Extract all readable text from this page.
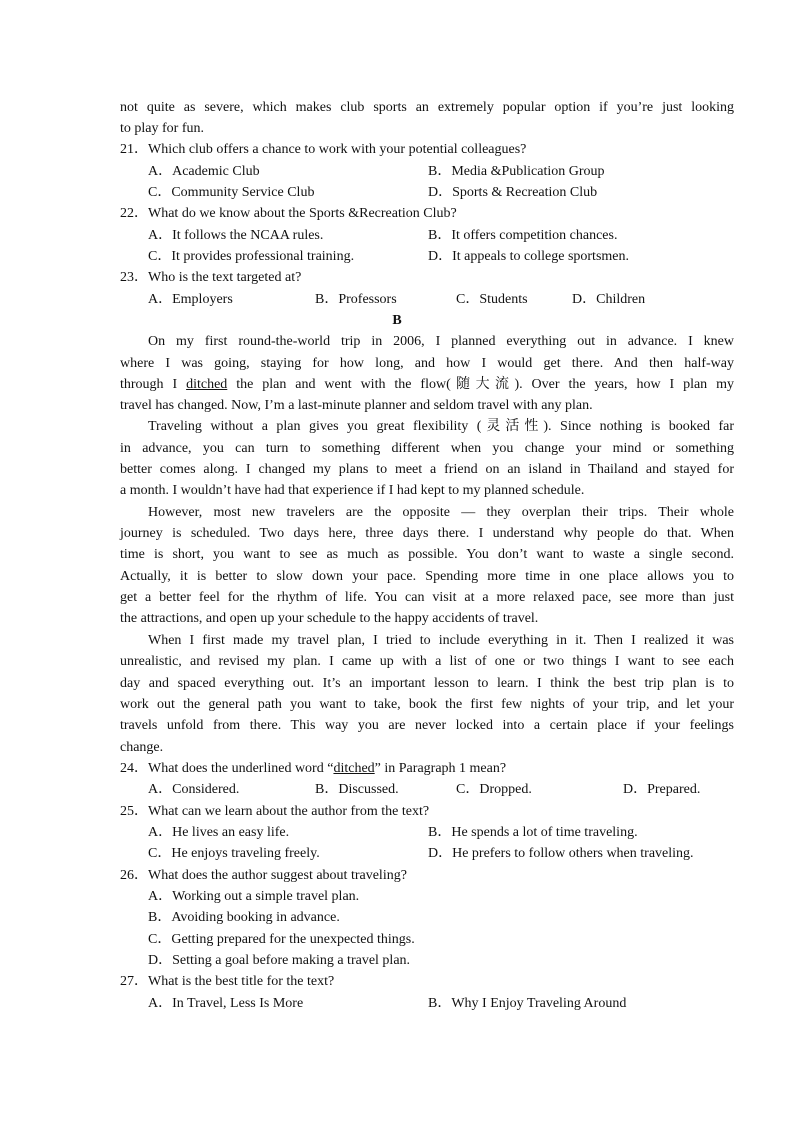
not quite as severe, which makes club sports an extremely popular option if you’re just looking
to play for fun.
21．Which club offers a chance to work with your potential colleagues?
A．Academic Club	B．Media &Publication Group
C．Community Service Club	D．Sports & Recreation Club
22．What do we know about the Sports &Recreation Club?
A．It follows the NCAA rules.	B．It offers competition chances.
C．It provides professional training.	D．It appeals to college sportsmen.
23．Who is the text targeted at?
A．Employers	B．Professors	C．Students	D．Children
B
On my first round-the-world trip in 2006, I planned everything out in advance. I knew
where I was going, staying for how long, and how I would get there. And then half-way
through I ditched the plan and went with the flow(随大流). Over the years, how I plan my
travel has changed. Now, I’m a last-minute planner and seldom travel with any plan.
Traveling without a plan gives you great flexibility (灵活性). Since nothing is booked far
in advance, you can turn to something different when you change your mind or something
better comes along. I changed my plans to meet a friend on an island in Thailand and stayed for
a month. I wouldn’t have had that experience if I had kept to my planned schedule.
However, most new travelers are the opposite — they overplan their trips. Their whole
journey is scheduled. Two days here, three days there. I understand why people do that. When
time is short, you want to see as much as possible. You don’t want to waste a single second.
Actually, it is better to slow down your pace. Spending more time in one place allows you to
get a better feel for the rhythm of life. You can visit at a more relaxed pace, see more than just
the attractions, and open up your schedule to the happy accidents of travel.
When I first made my travel plan, I tried to include everything in it. Then I realized it was
unrealistic, and revised my plan. I came up with a list of one or two things I want to see each
day and spaced everything out. It’s an important lesson to learn. I think the best trip plan is to
work out the general path you want to take, book the first few nights of your trip, and let your
travels unfold from there. This way you are never locked into a certain place if your feelings
change.
24．What does the underlined word “ditched” in Paragraph 1 mean?
A．Considered.	B．Discussed.	C．Dropped.	D．Prepared.
25．What can we learn about the author from the text?
A．He lives an easy life.	B．He spends a lot of time traveling.
C．He enjoys traveling freely.	D．He prefers to follow others when traveling.
26．What does the author suggest about traveling?
A．Working out a simple travel plan.
B．Avoiding booking in advance.
C．Getting prepared for the unexpected things.
D．Setting a goal before making a travel plan.
27．What is the best title for the text?
A．In Travel, Less Is More	B．Why I Enjoy Traveling Around
